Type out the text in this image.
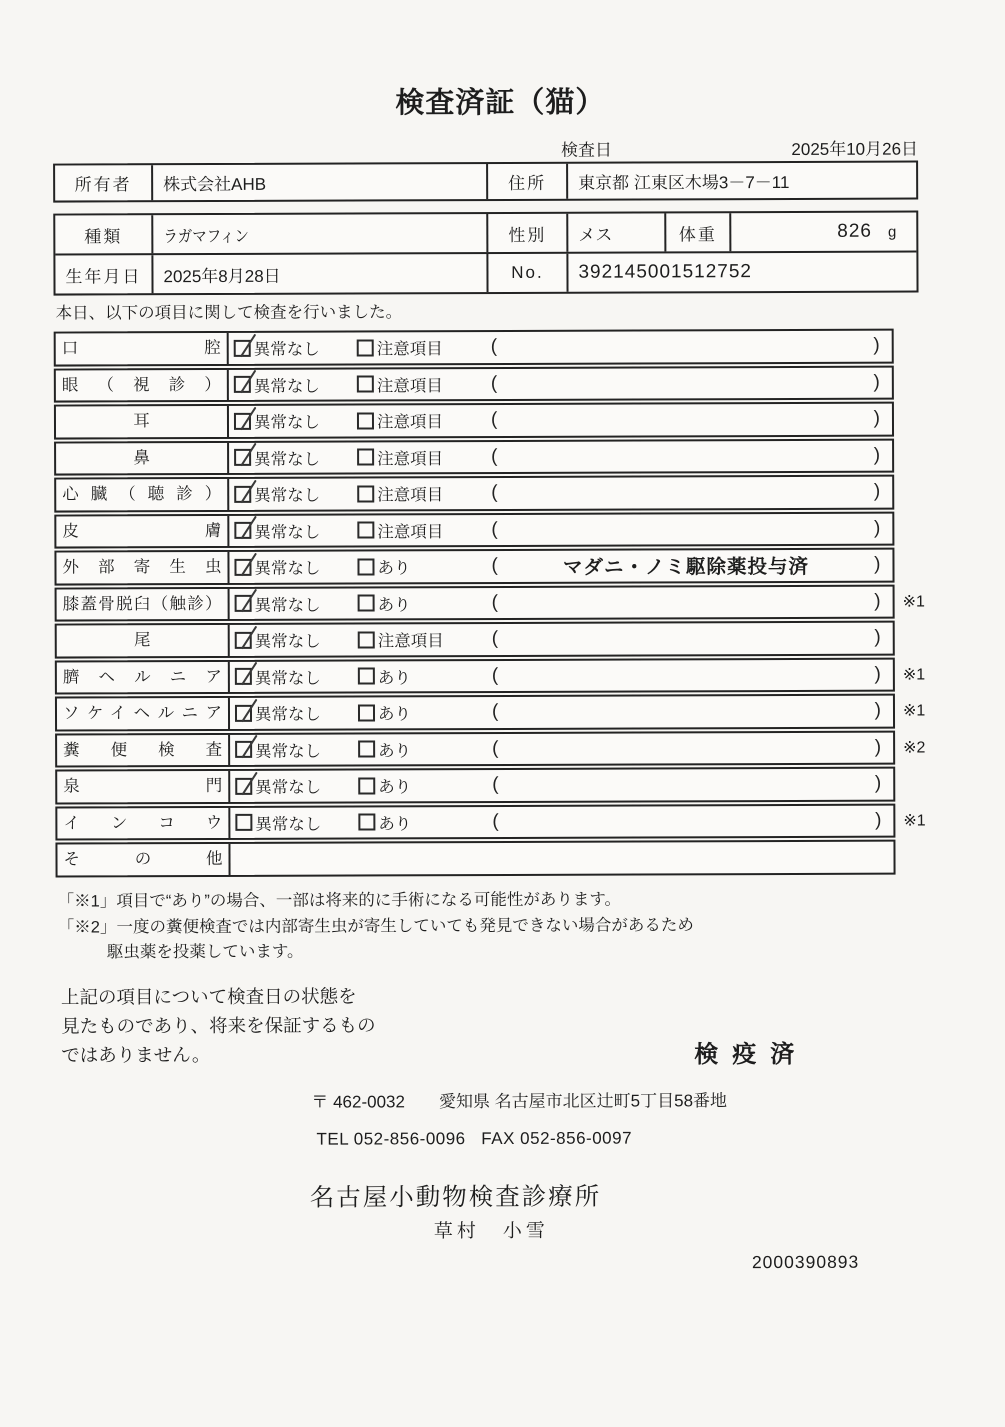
検査済証（猫）
検査日	2025年10月26日
所有者	株式会社AHB	住所	東京都 江東区木場3－7－11
種類	ラガマフィン	性別	メス	体重	826 g
生年月日	2025年8月28日	No.	392145001512752
本日、以下の項目に関して検査を行いました。
口腔	異常なし	注意項目	(	)
眼（視診）	異常なし	注意項目	(	)
耳	異常なし	注意項目	(	)
鼻	異常なし	注意項目	(	)
心臓（聴診）	異常なし	注意項目	(	)
皮膚	異常なし	注意項目	(	)
外部寄生虫	異常なし	あり	(	マダニ・ノミ駆除薬投与済	)
膝蓋骨脱臼（触診）	異常なし	あり	(	) ※1
尾	異常なし	注意項目	(	)
臍ヘルニア	異常なし	あり	(	) ※1
ソケイヘルニア	異常なし	あり	(	) ※1
糞便検査	異常なし	あり	(	) ※2
泉門	異常なし	あり	(	)
インコウ	異常なし	あり	(	) ※1
その他
「※1」項目で“あり”の場合、一部は将来的に手術になる可能性があります。
「※2」一度の糞便検査では内部寄生虫が寄生していても発見できない場合があるため
駆虫薬を投薬しています。
上記の項目について検査日の状態を
見たものであり、将来を保証するもの
ではありません。	検疫済
〒 462-0032 愛知県 名古屋市北区辻町5丁目58番地
TEL 052-856-0096   FAX 052-856-0097
名古屋小動物検査診療所
草村　小雪
2000390893
